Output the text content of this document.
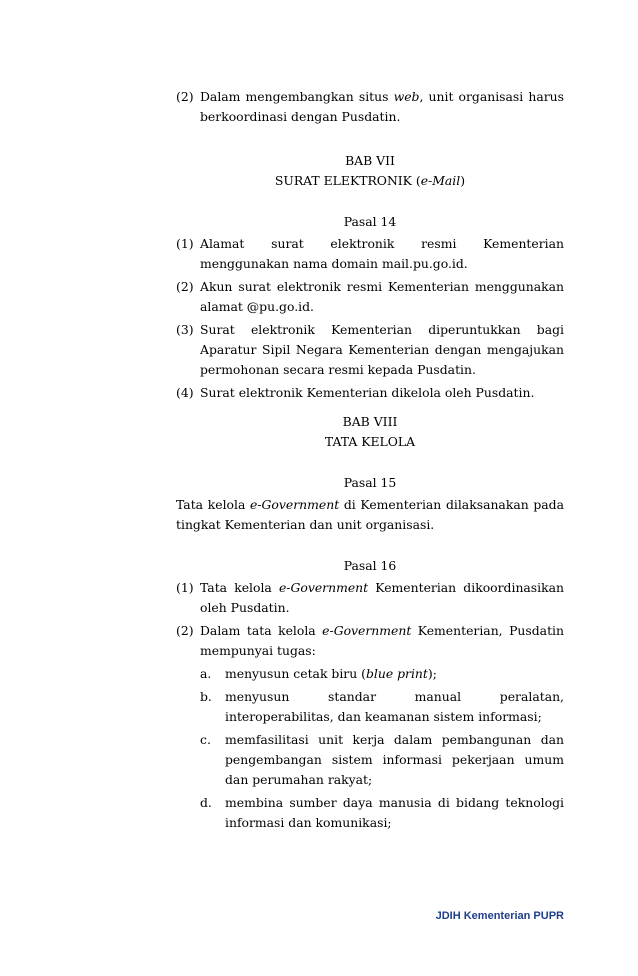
(2) Dalam mengembangkan situs web, unit organisasi harus berkoordinasi dengan Pusdatin.

BAB VII

SURAT ELEKTRONIK (e-Mail)

Pasal 14

(1) Alamat surat elektronik resmi Kementerian menggunakan nama domain mail.pu.go.id.

(2) Akun surat elektronik resmi Kementerian menggunakan alamat @pu.go.id.

(3) Surat elektronik Kementerian diperuntukkan bagi Aparatur Sipil Negara Kementerian dengan mengajukan permohonan secara resmi kepada Pusdatin.

(4) Surat elektronik Kementerian dikelola oleh Pusdatin.

BAB VIII

TATA KELOLA

Pasal 15

Tata kelola e-Government di Kementerian dilaksanakan pada tingkat Kementerian dan unit organisasi.

Pasal 16

(1) Tata kelola e-Government Kementerian dikoordinasikan oleh Pusdatin.

(2) Dalam tata kelola e-Government Kementerian, Pusdatin mempunyai tugas:

a. menyusun cetak biru (blue print);

b. menyusun standar manual peralatan, interoperabilitas, dan keamanan sistem informasi;

c. memfasilitasi unit kerja dalam pembangunan dan pengembangan sistem informasi pekerjaan umum dan perumahan rakyat;

d. membina sumber daya manusia di bidang teknologi informasi dan komunikasi;

JDIH Kementerian PUPR
